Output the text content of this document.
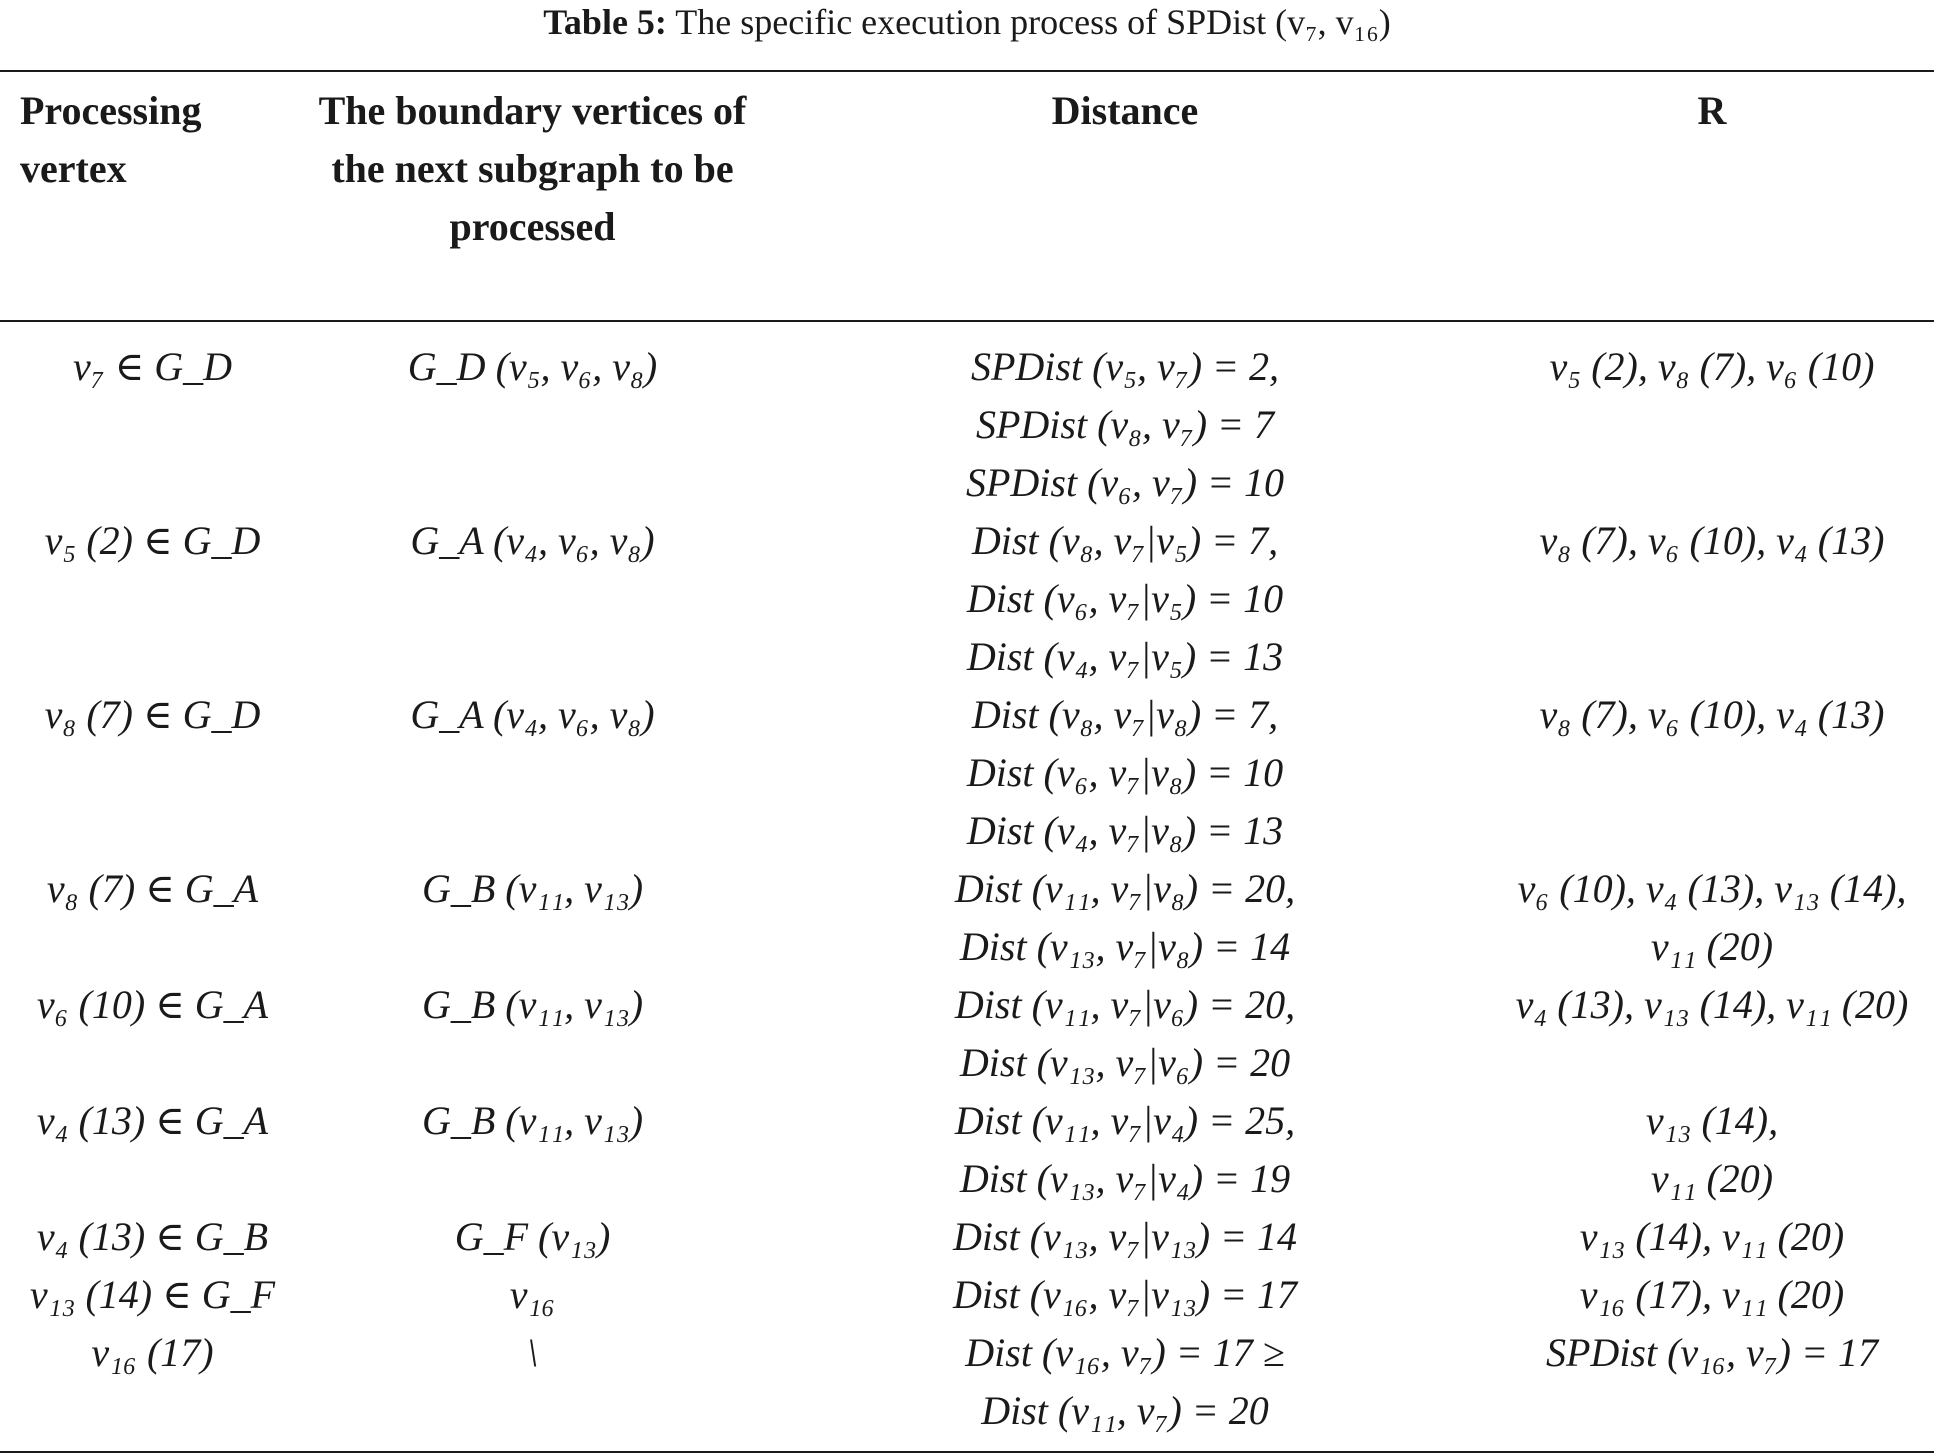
Table 5: The specific execution process of SPDist (v₇, v₁₆)
Processing vertex	The boundary vertices of the next subgraph to be processed	Distance	R

v₇ ∈ G_D	G_D (v₅, v₆, v₈)	SPDist (v₅, v₇) = 2,
SPDist (v₈, v₇) = 7
SPDist (v₆, v₇) = 10	v₅ (2), v₈ (7), v₆ (10)

v₅ (2) ∈ G_D	G_A (v₄, v₆, v₈)	Dist (v₈, v₇|v₅) = 7,
Dist (v₆, v₇|v₅) = 10
Dist (v₄, v₇|v₅) = 13	v₈ (7), v₆ (10), v₄ (13)

v₈ (7) ∈ G_D	G_A (v₄, v₆, v₈)	Dist (v₈, v₇|v₈) = 7,
Dist (v₆, v₇|v₈) = 10
Dist (v₄, v₇|v₈) = 13	v₈ (7), v₆ (10), v₄ (13)

v₈ (7) ∈ G_A	G_B (v₁₁, v₁₃)	Dist (v₁₁, v₇|v₈) = 20,
Dist (v₁₃, v₇|v₈) = 14	v₆ (10), v₄ (13), v₁₃ (14),
v₁₁ (20)

v₆ (10) ∈ G_A	G_B (v₁₁, v₁₃)	Dist (v₁₁, v₇|v₆) = 20,
Dist (v₁₃, v₇|v₆) = 20	v₄ (13), v₁₃ (14), v₁₁ (20)

v₄ (13) ∈ G_A	G_B (v₁₁, v₁₃)	Dist (v₁₁, v₇|v₄) = 25,
Dist (v₁₃, v₇|v₄) = 19	v₁₃ (14),
v₁₁ (20)

v₄ (13) ∈ G_B	G_F (v₁₃)	Dist (v₁₃, v₇|v₁₃) = 14	v₁₃ (14), v₁₁ (20)

v₁₃ (14) ∈ G_F	v₁₆	Dist (v₁₆, v₇|v₁₃) = 17	v₁₆ (17), v₁₁ (20)

v₁₆ (17)	\	Dist (v₁₆, v₇) = 17 ≥
Dist (v₁₁, v₇) = 20	SPDist (v₁₆, v₇) = 17
